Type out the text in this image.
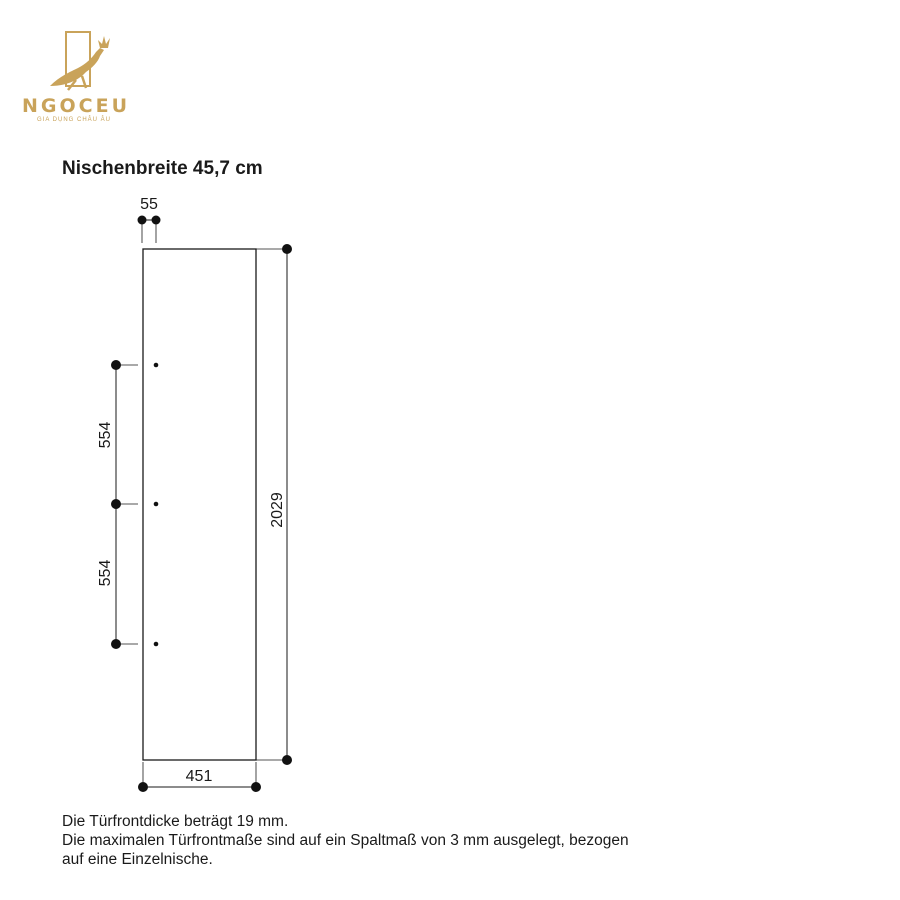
NGOCEU
GIA DỤNG CHÂU ÂU
Nischenbreite 45,7 cm
55
554
554
2029
451
Die Türfrontdicke beträgt 19 mm.
Die maximalen Türfrontmaße sind auf ein Spaltmaß von 3 mm ausgelegt, bezogen
auf eine Einzelnische.
